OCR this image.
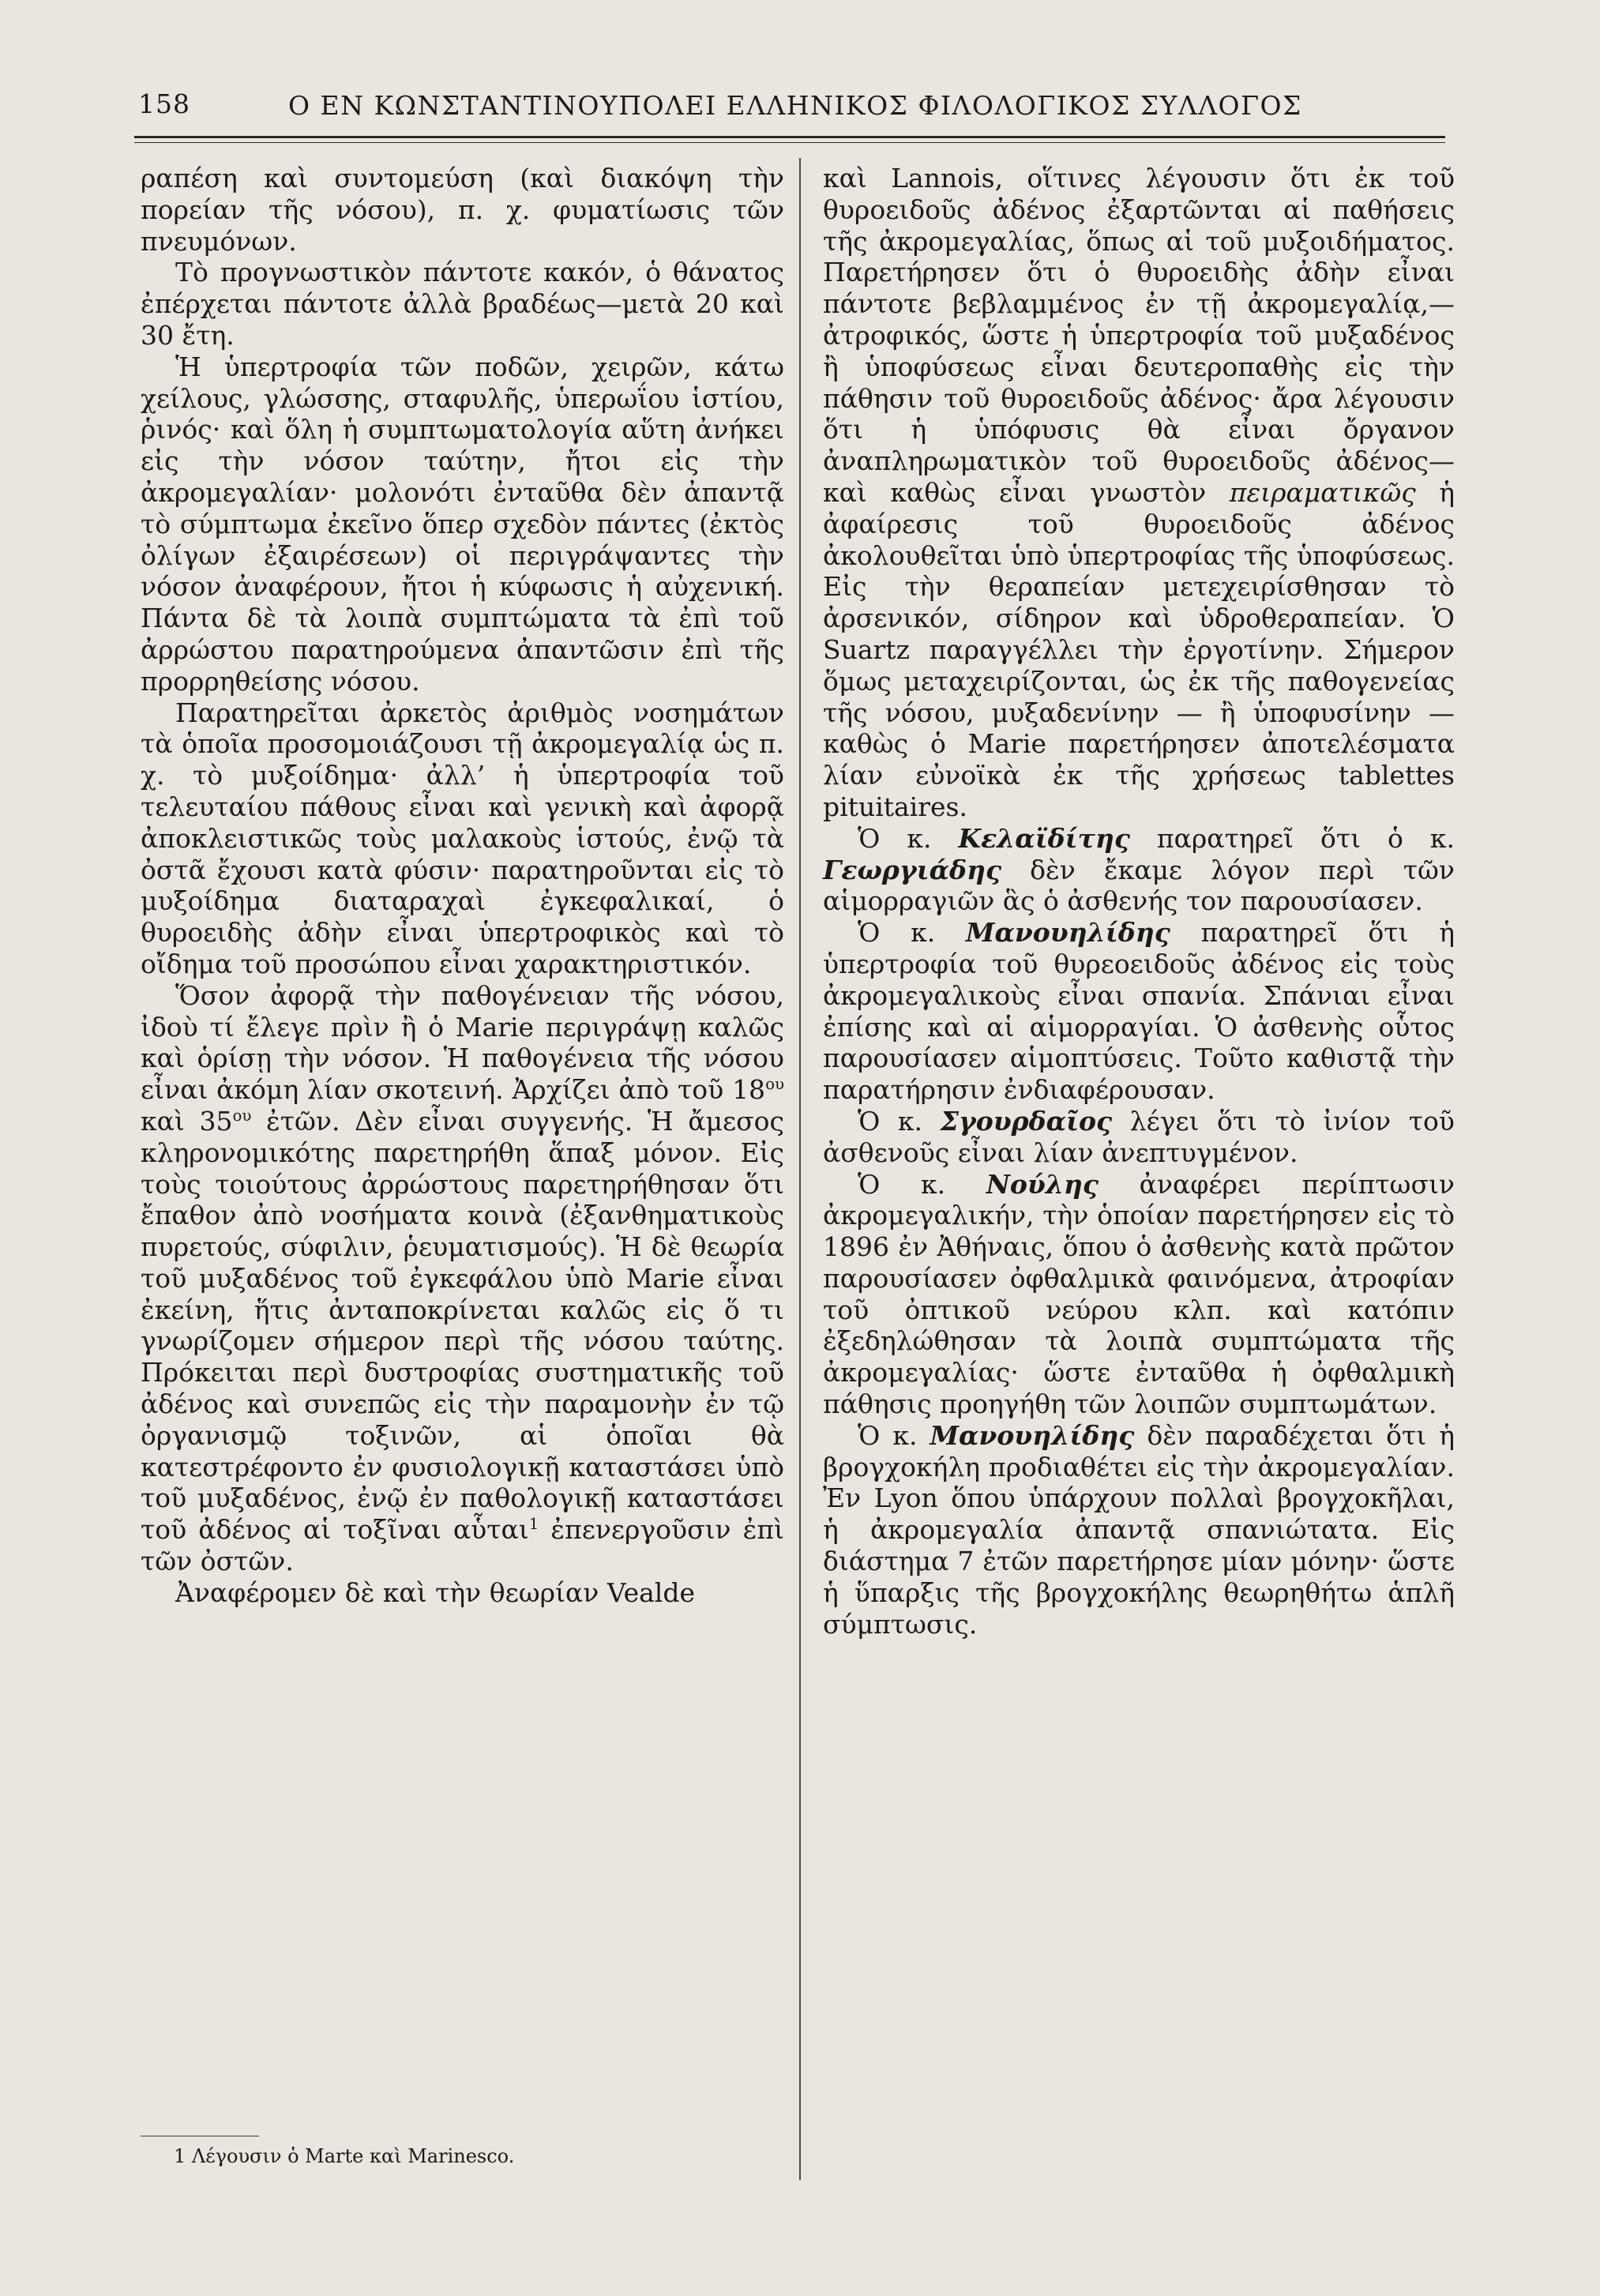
158	Ο ΕΝ ΚΩΝΣΤΑΝΤΙΝΟΥΠΟΛΕΙ ΕΛΛΗΝΙΚΟΣ ΦΙΛΟΛΟΓΙΚΟΣ ΣΥΛΛΟΓΟΣ

ραπέση καὶ συντομεύση (καὶ διακόψη τὴν πορείαν τῆς νόσου), π. χ. φυματίωσις τῶν πνευμόνων.

Τὸ προγνωστικὸν πάντοτε κακόν, ὁ θάνατος ἐπέρχεται πάντοτε ἀλλὰ βραδέως—μετὰ 20 καὶ 30 ἔτη.

Ἡ ὑπερτροφία τῶν ποδῶν, χειρῶν, κάτω χείλους, γλώσσης, σταφυλῆς, ὑπερωΐου ἱστίου, ῥινός· καὶ ὅλη ἡ συμπτωματολογία αὕτη ἀνήκει εἰς τὴν νόσον ταύτην, ἤτοι εἰς τὴν ἀκρομεγαλίαν· μολονότι ἐνταῦθα δὲν ἀπαντᾷ τὸ σύμπτωμα ἐκεῖνο ὅπερ σχεδὸν πάντες (ἐκτὸς ὀλίγων ἐξαιρέσεων) οἱ περιγράψαντες τὴν νόσον ἀναφέρουν, ἤτοι ἡ κύφωσις ἡ αὐχενική. Πάντα δὲ τὰ λοιπὰ συμπτώματα τὰ ἐπὶ τοῦ ἀρρώστου παρατηρούμενα ἀπαντῶσιν ἐπὶ τῆς προρρηθείσης νόσου.

Παρατηρεῖται ἀρκετὸς ἀριθμὸς νοσημάτων τὰ ὁποῖα προσομοιάζουσι τῇ ἀκρομεγαλίᾳ ὡς π. χ. τὸ μυξοίδημα· ἀλλ’ ἡ ὑπερτροφία τοῦ τελευταίου πάθους εἶναι καὶ γενικὴ καὶ ἀφορᾷ ἀποκλειστικῶς τοὺς μαλακοὺς ἱστούς, ἐνῷ τὰ ὀστᾶ ἔχουσι κατὰ φύσιν· παρατηροῦνται εἰς τὸ μυξοίδημα διαταραχαὶ ἐγκεφαλικαί, ὁ θυροειδὴς ἀδὴν εἶναι ὑπερτροφικὸς καὶ τὸ οἴδημα τοῦ προσώπου εἶναι χαρακτηριστικόν.

Ὅσον ἀφορᾷ τὴν παθογένειαν τῆς νόσου, ἰδοὺ τί ἔλεγε πρὶν ἢ ὁ Marie περιγράψῃ καλῶς καὶ ὁρίσῃ τὴν νόσον. Ἡ παθογένεια τῆς νόσου εἶναι ἀκόμη λίαν σκοτεινή. Ἀρχίζει ἀπὸ τοῦ $18^{o\upsilon}$ καὶ $35^{o\upsilon}$ ἐτῶν. Δὲν εἶναι συγγενής. Ἡ ἄμεσος κληρονομικότης παρετηρήθη ἅπαξ μόνον. Εἰς τοὺς τοιούτους ἀρρώστους παρετηρήθησαν ὅτι ἔπαθον ἀπὸ νοσήματα κοινὰ (ἐξανθηματικοὺς πυρετούς, σύφιλιν, ῥευματισμούς). Ἡ δὲ θεωρία τοῦ μυξαδένος τοῦ ἐγκεφάλου ὑπὸ Marie εἶναι ἐκείνη, ἥτις ἀνταποκρίνεται καλῶς εἰς ὅ τι γνωρίζομεν σήμερον περὶ τῆς νόσου ταύτης. Πρόκειται περὶ δυστροφίας συστηματικῆς τοῦ ἀδένος καὶ συνεπῶς εἰς τὴν παραμονὴν ἐν τῷ ὀργανισμῷ τοξινῶν, αἱ ὁποῖαι θὰ κατεστρέφοντο ἐν φυσιολογικῇ καταστάσει ὑπὸ τοῦ μυξαδένος, ἐνῷ ἐν παθολογικῇ καταστάσει τοῦ ἀδένος αἱ τοξῖναι αὗται$^1$ ἐπενεργοῦσιν ἐπὶ τῶν ὀστῶν.

Ἀναφέρομεν δὲ καὶ τὴν θεωρίαν Vealde

καὶ Lannois, οἵτινες λέγουσιν ὅτι ἐκ τοῦ θυροειδοῦς ἀδένος ἐξαρτῶνται αἱ παθήσεις τῆς ἀκρομεγαλίας, ὅπως αἱ τοῦ μυξοιδήματος. Παρετήρησεν ὅτι ὁ θυροειδὴς ἀδὴν εἶναι πάντοτε βεβλαμμένος ἐν τῇ ἀκρομεγαλίᾳ,—ἀτροφικός, ὥστε ἡ ὑπερτροφία τοῦ μυξαδένος ἢ ὑποφύσεως εἶναι δευτεροπαθὴς εἰς τὴν πάθησιν τοῦ θυροειδοῦς ἀδένος· ἄρα λέγουσιν ὅτι ἡ ὑπόφυσις θὰ εἶναι ὄργανον ἀναπληρωματικὸν τοῦ θυροειδοῦς ἀδένος— καὶ καθὼς εἶναι γνωστὸν πειραματικῶς ἡ ἀφαίρεσις τοῦ θυροειδοῦς ἀδένος ἀκολουθεῖται ὑπὸ ὑπερτροφίας τῆς ὑποφύσεως. Εἰς τὴν θεραπείαν μετεχειρίσθησαν τὸ ἀρσενικόν, σίδηρον καὶ ὑδροθεραπείαν. Ὁ Suartz παραγγέλλει τὴν ἐργοτίνην. Σήμερον ὅμως μεταχειρίζονται, ὡς ἐκ τῆς παθογενείας τῆς νόσου, μυξαδενίνην — ἢ ὑποφυσίνην — καθὼς ὁ Marie παρετήρησεν ἀποτελέσματα λίαν εὐνοϊκὰ ἐκ τῆς χρήσεως tablettes pituitaires.

Ὁ κ. Κελαϊδίτης παρατηρεῖ ὅτι ὁ κ. Γεωργιάδης δὲν ἔκαμε λόγον περὶ τῶν αἱμορραγιῶν ἃς ὁ ἀσθενής τον παρουσίασεν.

Ὁ κ. Μανουηλίδης παρατηρεῖ ὅτι ἡ ὑπερτροφία τοῦ θυρεοειδοῦς ἀδένος εἰς τοὺς ἀκρομεγαλικοὺς εἶναι σπανία. Σπάνιαι εἶναι ἐπίσης καὶ αἱ αἱμορραγίαι. Ὁ ἀσθενὴς οὗτος παρουσίασεν αἱμοπτύσεις. Τοῦτο καθιστᾷ τὴν παρατήρησιν ἐνδιαφέρουσαν.

Ὁ κ. Σγουρδαῖος λέγει ὅτι τὸ ἰνίον τοῦ ἀσθενοῦς εἶναι λίαν ἀνεπτυγμένον.

Ὁ κ. Νούλης ἀναφέρει περίπτωσιν ἀκρομεγαλικήν, τὴν ὁποίαν παρετήρησεν εἰς τὸ 1896 ἐν Ἀθήναις, ὅπου ὁ ἀσθενὴς κατὰ πρῶτον παρουσίασεν ὀφθαλμικὰ φαινόμενα, ἀτροφίαν τοῦ ὀπτικοῦ νεύρου κλπ. καὶ κατόπιν ἐξεδηλώθησαν τὰ λοιπὰ συμπτώματα τῆς ἀκρομεγαλίας· ὥστε ἐνταῦθα ἡ ὀφθαλμικὴ πάθησις προηγήθη τῶν λοιπῶν συμπτωμάτων.

Ὁ κ. Μανουηλίδης δὲν παραδέχεται ὅτι ἡ βρογχοκήλη προδιαθέτει εἰς τὴν ἀκρομεγαλίαν. Ἐν Lyon ὅπου ὑπάρχουν πολλαὶ βρογχοκῆλαι, ἡ ἀκρομεγαλία ἀπαντᾷ σπανιώτατα. Εἰς διάστημα 7 ἐτῶν παρετήρησε μίαν μόνην· ὥστε ἡ ὕπαρξις τῆς βρογχοκήλης θεωρηθήτω ἁπλῆ σύμπτωσις.

1 Λέγουσιν ὁ Marte καὶ Marinesco.
